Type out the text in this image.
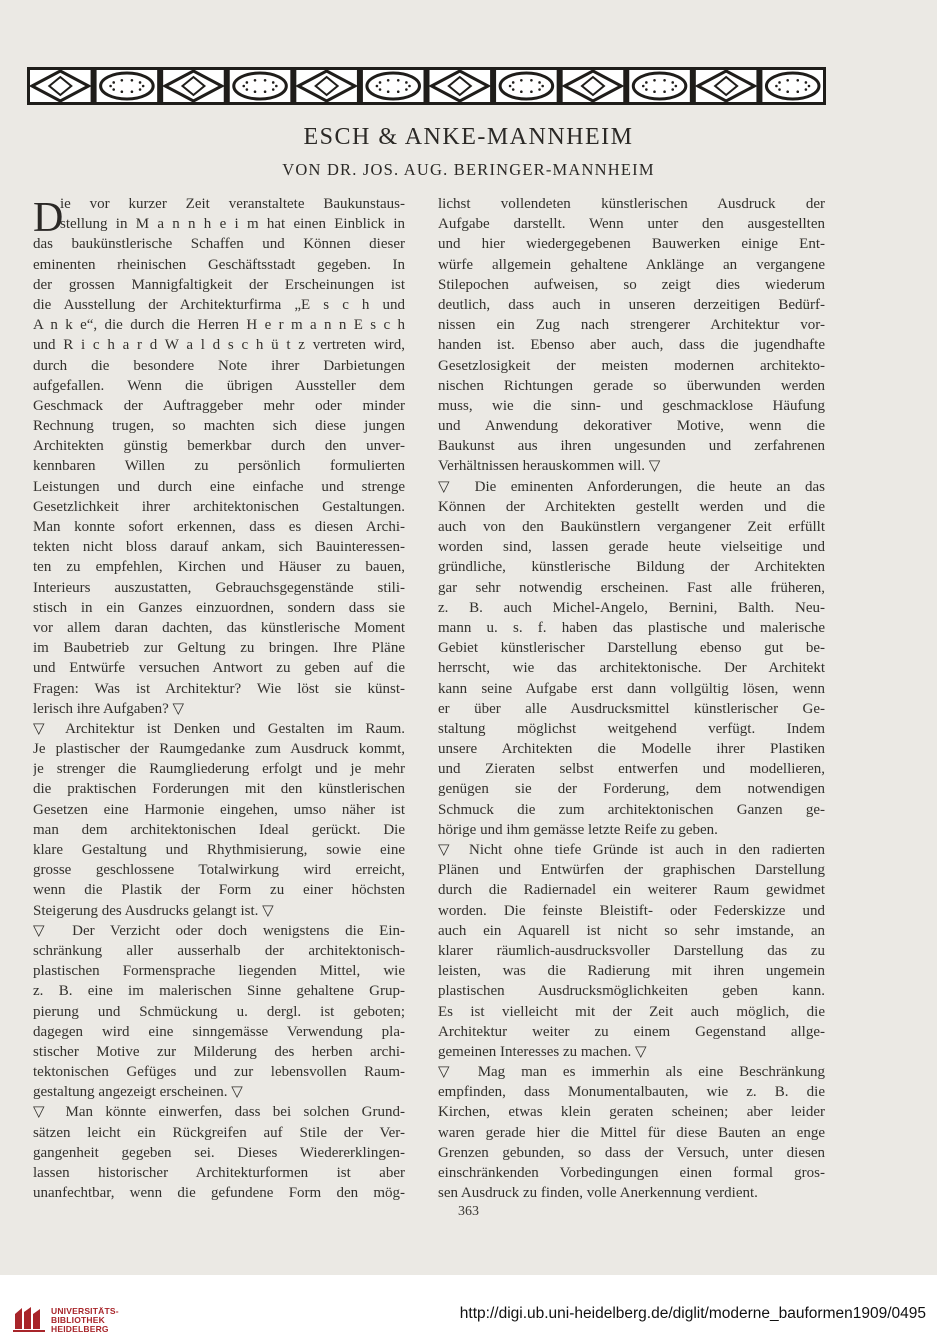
ESCH & ANKE-MANNHEIM
VON DR. JOS. AUG. BERINGER-MANNHEIM
D
ie vor kurzer Zeit veranstaltete Baukunstaus-
stellung in M a n n h e i m hat einen Einblick in
das baukünstlerische Schaffen und Können dieser
eminenten rheinischen Geschäftsstadt gegeben. In
der grossen Mannigfaltigkeit der Erscheinungen ist
die Ausstellung der Architekturfirma „E s c h und
A n k e“, die durch die Herren H e r m a n n E s c h
und R i c h a r d W a l d s c h ü t z vertreten wird,
durch die besondere Note ihrer Darbietungen
aufgefallen. Wenn die übrigen Aussteller dem
Geschmack der Auftraggeber mehr oder minder
Rechnung trugen, so machten sich diese jungen
Architekten günstig bemerkbar durch den unver-
kennbaren Willen zu persönlich formulierten
Leistungen und durch eine einfache und strenge
Gesetzlichkeit ihrer architektonischen Gestaltungen.
Man konnte sofort erkennen, dass es diesen Archi-
tekten nicht bloss darauf ankam, sich Bauinteressen-
ten zu empfehlen, Kirchen und Häuser zu bauen,
Interieurs auszustatten, Gebrauchsgegenstände stili-
stisch in ein Ganzes einzuordnen, sondern dass sie
vor allem daran dachten, das künstlerische Moment
im Baubetrieb zur Geltung zu bringen. Ihre Pläne
und Entwürfe versuchen Antwort zu geben auf die
Fragen: Was ist Architektur? Wie löst sie künst-
lerisch ihre Aufgaben? ▽
▽ Architektur ist Denken und Gestalten im Raum.
Je plastischer der Raumgedanke zum Ausdruck kommt,
je strenger die Raumgliederung erfolgt und je mehr
die praktischen Forderungen mit den künstlerischen
Gesetzen eine Harmonie eingehen, umso näher ist
man dem architektonischen Ideal gerückt. Die
klare Gestaltung und Rhythmisierung, sowie eine
grosse geschlossene Totalwirkung wird erreicht,
wenn die Plastik der Form zu einer höchsten
Steigerung des Ausdrucks gelangt ist. ▽
▽ Der Verzicht oder doch wenigstens die Ein-
schränkung aller ausserhalb der architektonisch-
plastischen Formensprache liegenden Mittel, wie
z. B. eine im malerischen Sinne gehaltene Grup-
pierung und Schmückung u. dergl. ist geboten;
dagegen wird eine sinngemässe Verwendung pla-
stischer Motive zur Milderung des herben archi-
tektonischen Gefüges und zur lebensvollen Raum-
gestaltung angezeigt erscheinen. ▽
▽ Man könnte einwerfen, dass bei solchen Grund-
sätzen leicht ein Rückgreifen auf Stile der Ver-
gangenheit gegeben sei. Dieses Wiedererklingen-
lassen historischer Architekturformen ist aber
unanfechtbar, wenn die gefundene Form den mög-
lichst vollendeten künstlerischen Ausdruck der
Aufgabe darstellt. Wenn unter den ausgestellten
und hier wiedergegebenen Bauwerken einige Ent-
würfe allgemein gehaltene Anklänge an vergangene
Stilepochen aufweisen, so zeigt dies wiederum
deutlich, dass auch in unseren derzeitigen Bedürf-
nissen ein Zug nach strengerer Architektur vor-
handen ist. Ebenso aber auch, dass die jugendhafte
Gesetzlosigkeit der meisten modernen architekto-
nischen Richtungen gerade so überwunden werden
muss, wie die sinn- und geschmacklose Häufung
und Anwendung dekorativer Motive, wenn die
Baukunst aus ihren ungesunden und zerfahrenen
Verhältnissen herauskommen will. ▽
▽ Die eminenten Anforderungen, die heute an das
Können der Architekten gestellt werden und die
auch von den Baukünstlern vergangener Zeit erfüllt
worden sind, lassen gerade heute vielseitige und
gründliche, künstlerische Bildung der Architekten
gar sehr notwendig erscheinen. Fast alle früheren,
z. B. auch Michel-Angelo, Bernini, Balth. Neu-
mann u. s. f. haben das plastische und malerische
Gebiet künstlerischer Darstellung ebenso gut be-
herrscht, wie das architektonische. Der Architekt
kann seine Aufgabe erst dann vollgültig lösen, wenn
er über alle Ausdrucksmittel künstlerischer Ge-
staltung möglichst weitgehend verfügt. Indem
unsere Architekten die Modelle ihrer Plastiken
und Zieraten selbst entwerfen und modellieren,
genügen sie der Forderung, dem notwendigen
Schmuck die zum architektonischen Ganzen ge-
hörige und ihm gemässe letzte Reife zu geben.
▽ Nicht ohne tiefe Gründe ist auch in den radierten
Plänen und Entwürfen der graphischen Darstellung
durch die Radiernadel ein weiterer Raum gewidmet
worden. Die feinste Bleistift- oder Federskizze und
auch ein Aquarell ist nicht so sehr imstande, an
klarer räumlich-ausdrucksvoller Darstellung das zu
leisten, was die Radierung mit ihren ungemein
plastischen Ausdrucksmöglichkeiten geben kann.
Es ist vielleicht mit der Zeit auch möglich, die
Architektur weiter zu einem Gegenstand allge-
gemeinen Interesses zu machen. ▽
▽ Mag man es immerhin als eine Beschränkung
empfinden, dass Monumentalbauten, wie z. B. die
Kirchen, etwas klein geraten scheinen; aber leider
waren gerade hier die Mittel für diese Bauten an enge
Grenzen gebunden, so dass der Versuch, unter diesen
einschränkenden Vorbedingungen einen formal gros-
sen Ausdruck zu finden, volle Anerkennung verdient.
363
UNIVERSITÄTS-
BIBLIOTHEK
HEIDELBERG
http://digi.ub.uni-heidelberg.de/diglit/moderne_bauformen1909/0495
